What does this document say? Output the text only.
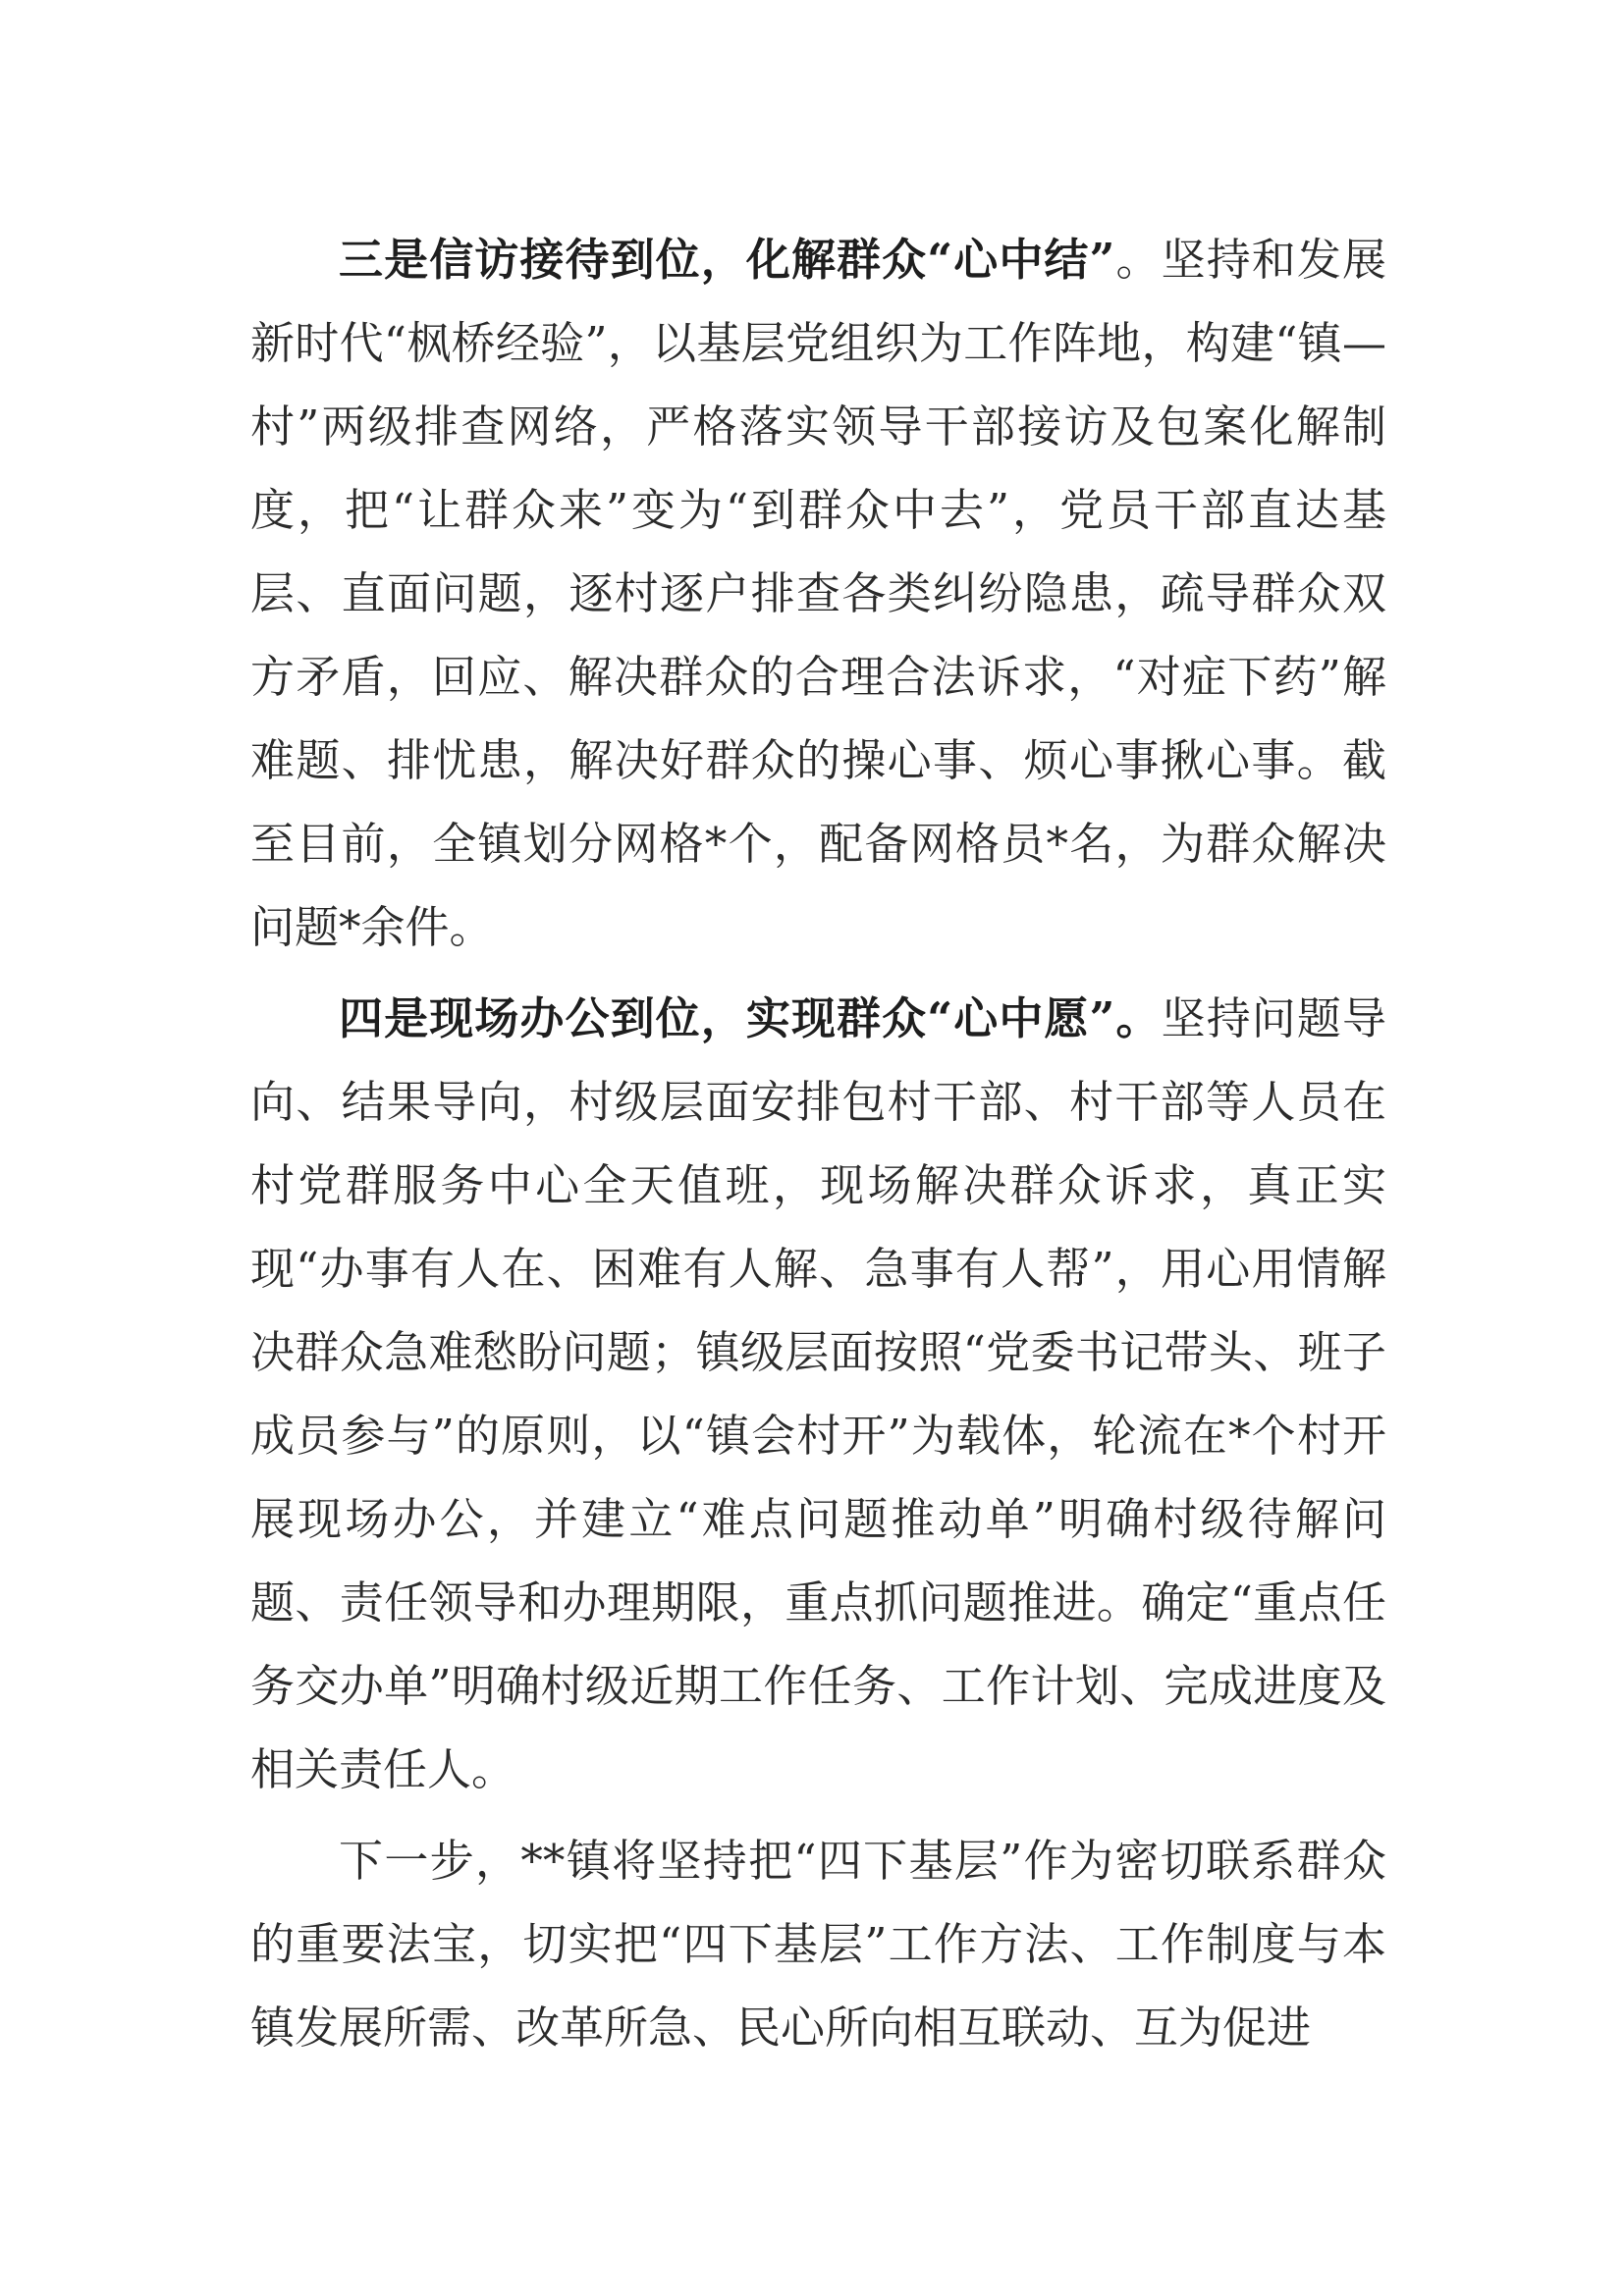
三是信访接待到位，化解群众“心中结”。坚持和发展新时代“枫桥经验”，以基层党组织为工作阵地，构建“镇—村”两级排查网络，严格落实领导干部接访及包案化解制度，把“让群众来”变为“到群众中去”，党员干部直达基层、直面问题，逐村逐户排查各类纠纷隐患，疏导群众双方矛盾，回应、解决群众的合理合法诉求，“对症下药”解难题、排忧患，解决好群众的操心事、烦心事揪心事。截至目前，全镇划分网格*个，配备网格员*名，为群众解决问题*余件。

四是现场办公到位，实现群众“心中愿”。坚持问题导向、结果导向，村级层面安排包村干部、村干部等人员在村党群服务中心全天值班，现场解决群众诉求，真正实现“办事有人在、困难有人解、急事有人帮”，用心用情解决群众急难愁盼问题；镇级层面按照“党委书记带头、班子成员参与”的原则，以“镇会村开”为载体，轮流在*个村开展现场办公，并建立“难点问题推动单”明确村级待解问题、责任领导和办理期限，重点抓问题推进。确定“重点任务交办单”明确村级近期工作任务、工作计划、完成进度及相关责任人。

下一步，**镇将坚持把“四下基层”作为密切联系群众的重要法宝，切实把“四下基层”工作方法、工作制度与本镇发展所需、改革所急、民心所向相互联动、互为促进
